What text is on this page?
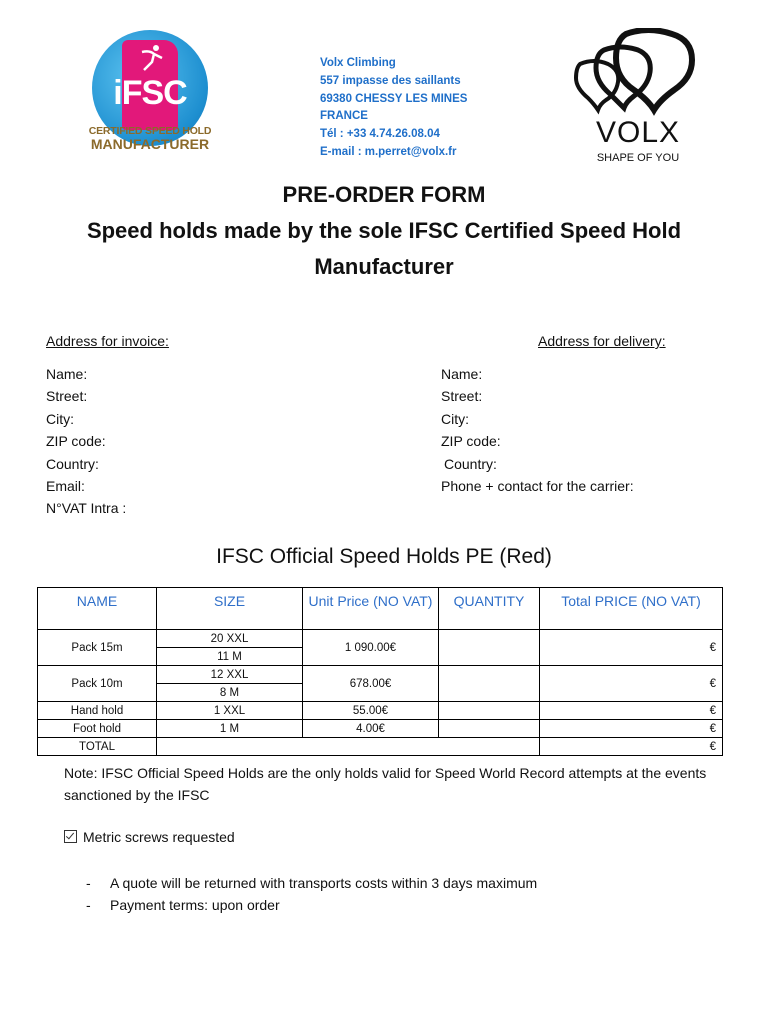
iFSC
CERTIFIED SPEED HOLD
MANUFACTURER
Volx Climbing
557 impasse des saillants
69380 CHESSY LES MINES
FRANCE
Tél : +33 4.74.26.08.04
E-mail : m.perret@volx.fr
VOLX
SHAPE OF YOU
PRE-ORDER FORM
Speed holds made by the sole IFSC Certified Speed Hold
Manufacturer
Address for invoice:	Address for delivery:
Name:
Street:
City:
ZIP code:
Country:
Email:
N°VAT Intra :
Name:
Street:
City:
ZIP code:
Country:
Phone + contact for the carrier:
IFSC Official Speed Holds PE (Red)
NAME	SIZE	Unit Price (NO VAT)	QUANTITY	Total PRICE (NO VAT)
Pack 15m	20 XXL	1 090.00€		€
	11 M			
Pack 10m	12 XXL	678.00€		€
	8 M			
Hand hold	1 XXL	55.00€		€
Foot hold	1 M	4.00€		€
TOTAL				€
Note: IFSC Official Speed Holds are the only holds valid for Speed World Record attempts at the events sanctioned by the IFSC
Metric screws requested
- A quote will be returned with transports costs within 3 days maximum
- Payment terms: upon order
